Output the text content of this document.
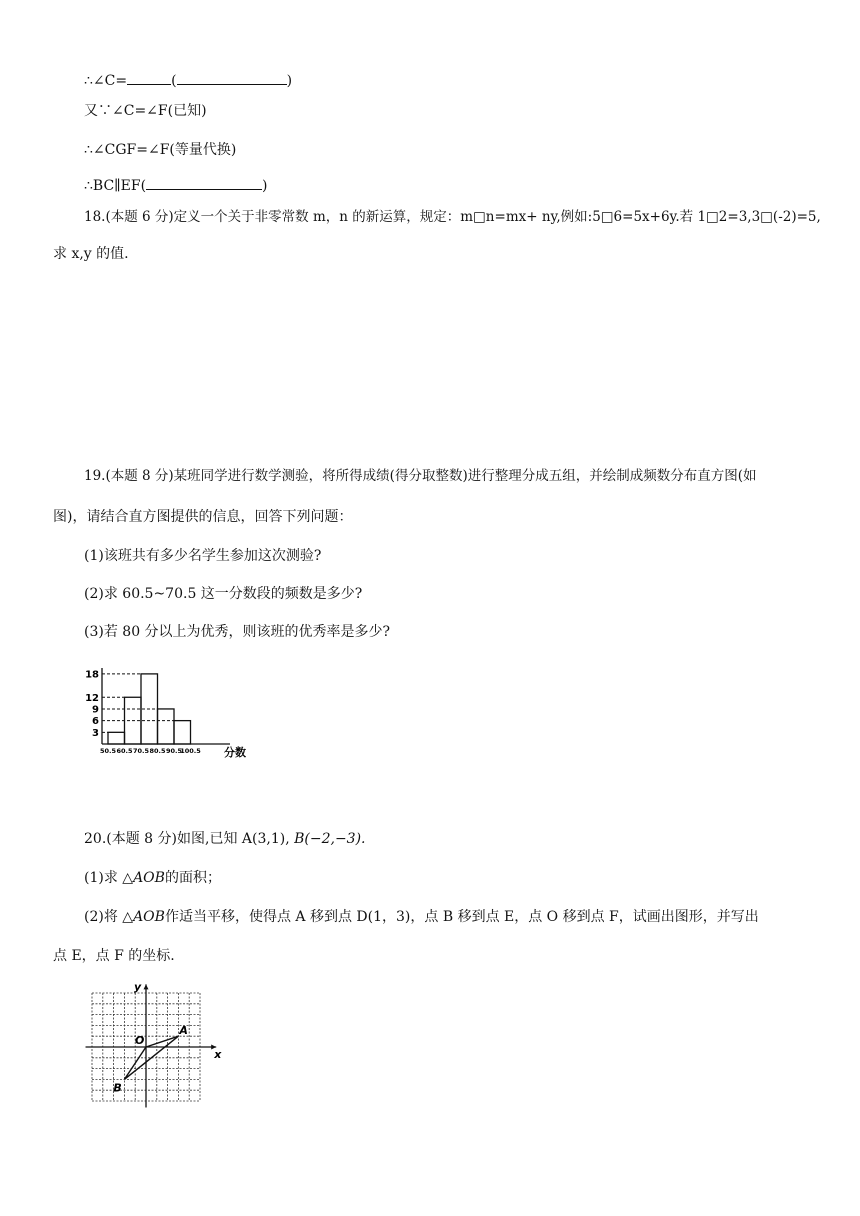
∴∠C=	(	)
又∵∠C=∠F(已知)
∴∠CGF=∠F(等量代换)
∴BC∥EF(	)
18.(本题 6 分)定义一个关于非零常数 m，n 的新运算，规定：m□n=mx+ ny,例如:5□6=5x+6y.若 1□2=3,3□(-2)=5,
求 x,y 的值.
19.(本题 8 分)某班同学进行数学测验，将所得成绩(得分取整数)进行整理分成五组，并绘制成频数分布直方图(如
图)，请结合直方图提供的信息，回答下列问题：
(1)该班共有多少名学生参加这次测验?
(2)求 60.5~70.5 这一分数段的频数是多少?
(3)若 80 分以上为优秀，则该班的优秀率是多少?
3
6
9
12
18
50.5 60.5 70.5 80.5 90.5
100.5 分数
20.(本题 8 分)如图,已知 A(3,1), B(−2,−3).
(1)求 △AOB的面积；
(2)将 △AOB作适当平移，使得点 A 移到点 D(1，3)，点 B 移到点 E，点 O 移到点 F，试画出图形，并写出
点 E，点 F 的坐标.
x
y
O
A
B
